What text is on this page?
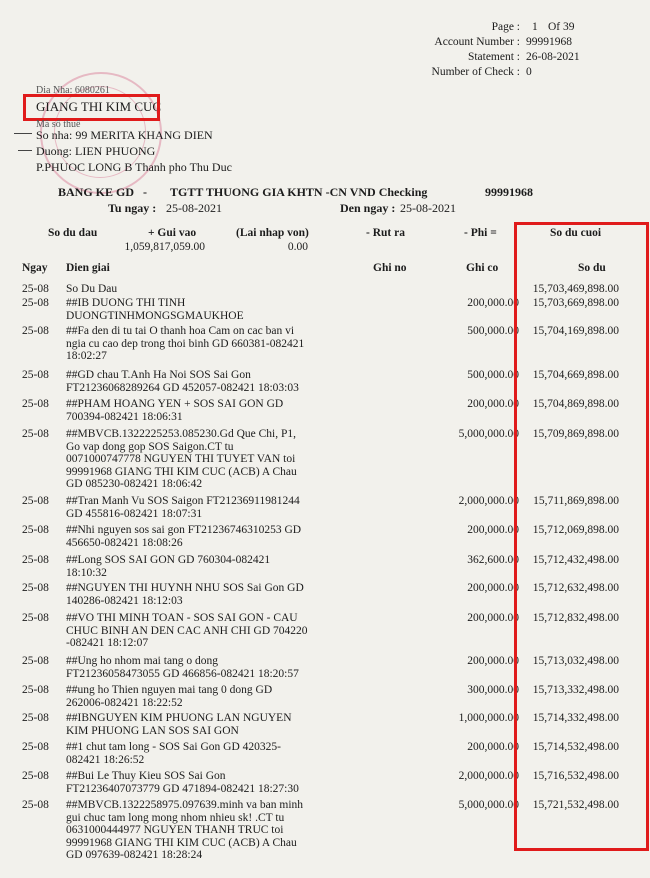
Page : 1 Of 39
Account Number : 99991968
Statement : 26-08-2021
Number of Check : 0
Dia Nha: 6080261
GIANG THI KIM CUC
Mã số thuế
So nha: 99 MERITA KHANG DIEN
Duong: LIEN PHUONG
P.PHUOC LONG B Thanh pho Thu Duc
BANG KE GD - TGTT THUONG GIA KHTN -CN VND Checking	99991968
Tu ngay : 25-08-2021	Den ngay : 25-08-2021
So du dau	+ Gui vao	(Lai nhap von)	- Rut ra	- Phi =	So du cuoi
1,059,817,059.00	0.00
Ngay Dien giai	Ghi no	Ghi co	So du
25-08 So Du Dau	15,703,469,898.00
25-08 ##IB DUONG THI TINH
DUONGTINHMONGSGMAUKHOE
200,000.00	15,703,669,898.00
25-08 ##Fa den di tu tai O thanh hoa Cam on cac ban vi
ngia cu cao dep trong thoi binh GD 660381-082421
18:02:27
500,000.00	15,704,169,898.00
25-08 ##GD chau T.Anh Ha Noi SOS Sai Gon
FT21236068289264 GD 452057-082421 18:03:03
500,000.00	15,704,669,898.00
25-08 ##PHAM HOANG YEN + SOS SAI GON GD
700394-082421 18:06:31
200,000.00	15,704,869,898.00
25-08 ##MBVCB.1322225253.085230.Gd Que Chi, P1,
Go vap dong gop SOS Saigon.CT tu
0071000747778 NGUYEN THI TUYET VAN toi
99991968 GIANG THI KIM CUC (ACB) A Chau
GD 085230-082421 18:06:42
5,000,000.00	15,709,869,898.00
25-08 ##Tran Manh Vu SOS Saigon FT21236911981244
GD 455816-082421 18:07:31
2,000,000.00	15,711,869,898.00
25-08 ##Nhi nguyen sos sai gon FT21236746310253 GD
456650-082421 18:08:26
200,000.00	15,712,069,898.00
25-08 ##Long SOS SAI GON GD 760304-082421
18:10:32
362,600.00	15,712,432,498.00
25-08 ##NGUYEN THI HUYNH NHU SOS Sai Gon GD
140286-082421 18:12:03
200,000.00	15,712,632,498.00
25-08 ##VO THI MINH TOAN - SOS SAI GON - CAU
CHUC BINH AN DEN CAC ANH CHI GD 704220
-082421 18:12:07
200,000.00	15,712,832,498.00
25-08 ##Ung ho nhom mai tang o dong
FT21236058473055 GD 466856-082421 18:20:57
200,000.00	15,713,032,498.00
25-08 ##ung ho Thien nguyen mai tang 0 dong GD
262006-082421 18:22:52
300,000.00	15,713,332,498.00
25-08 ##IBNGUYEN KIM PHUONG LAN NGUYEN
KIM PHUONG LAN SOS SAI GON
1,000,000.00	15,714,332,498.00
25-08 ##1 chut tam long - SOS Sai Gon GD 420325-
082421 18:26:52
200,000.00	15,714,532,498.00
25-08 ##Bui Le Thuy Kieu SOS Sai Gon
FT21236407073779 GD 471894-082421 18:27:30
2,000,000.00	15,716,532,498.00
25-08 ##MBVCB.1322258975.097639.minh va ban minh
gui chuc tam long mong nhom nhieu sk! .CT tu
0631000444977 NGUYEN THANH TRUC toi
99991968 GIANG THI KIM CUC (ACB) A Chau
GD 097639-082421 18:28:24
5,000,000.00	15,721,532,498.00
